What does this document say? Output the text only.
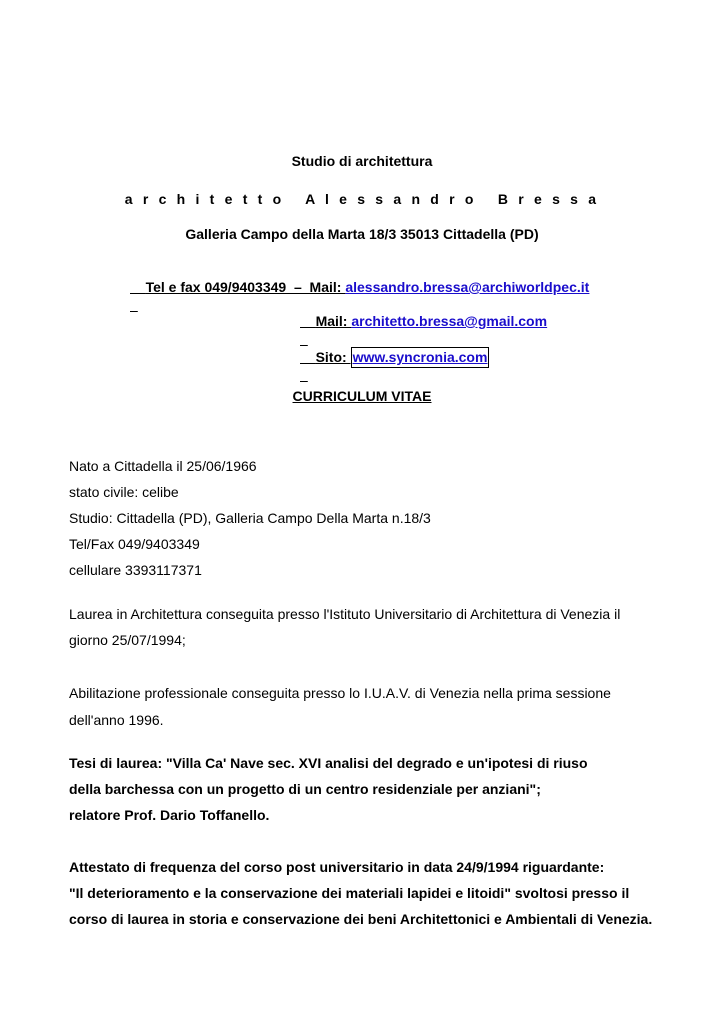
Studio di architettura
a r c h i t e t t o   A l e s s a n d r o   B r e s s a
Galleria Campo della Marta 18/3 35013 Cittadella (PD)

Tel e fax 049/9403349  –  Mail: alessandro.bressa@archiworldpec.it

Mail: architetto.bressa@gmail.com

Sito: www.syncronia.com

CURRICULUM VITAE
Nato a Cittadella il 25/06/1966
stato civile: celibe
Studio: Cittadella (PD), Galleria Campo Della Marta n.18/3
Tel/Fax 049/9403349
cellulare 3393117371
Laurea in Architettura conseguita presso l'Istituto Universitario di Architettura di Venezia il
giorno 25/07/1994;
Abilitazione professionale conseguita presso lo I.U.A.V. di Venezia nella prima sessione
dell'anno 1996.
Tesi di laurea: "Villa Ca' Nave sec. XVI analisi del degrado e un'ipotesi di riuso
della barchessa con un progetto di un centro residenziale per anziani";
relatore Prof. Dario Toffanello.
Attestato di frequenza del corso post universitario in data 24/9/1994 riguardante:
"Il deterioramento e la conservazione dei materiali lapidei e litoidi" svoltosi presso il
corso di laurea in storia e conservazione dei beni Architettonici e Ambientali di Venezia.
